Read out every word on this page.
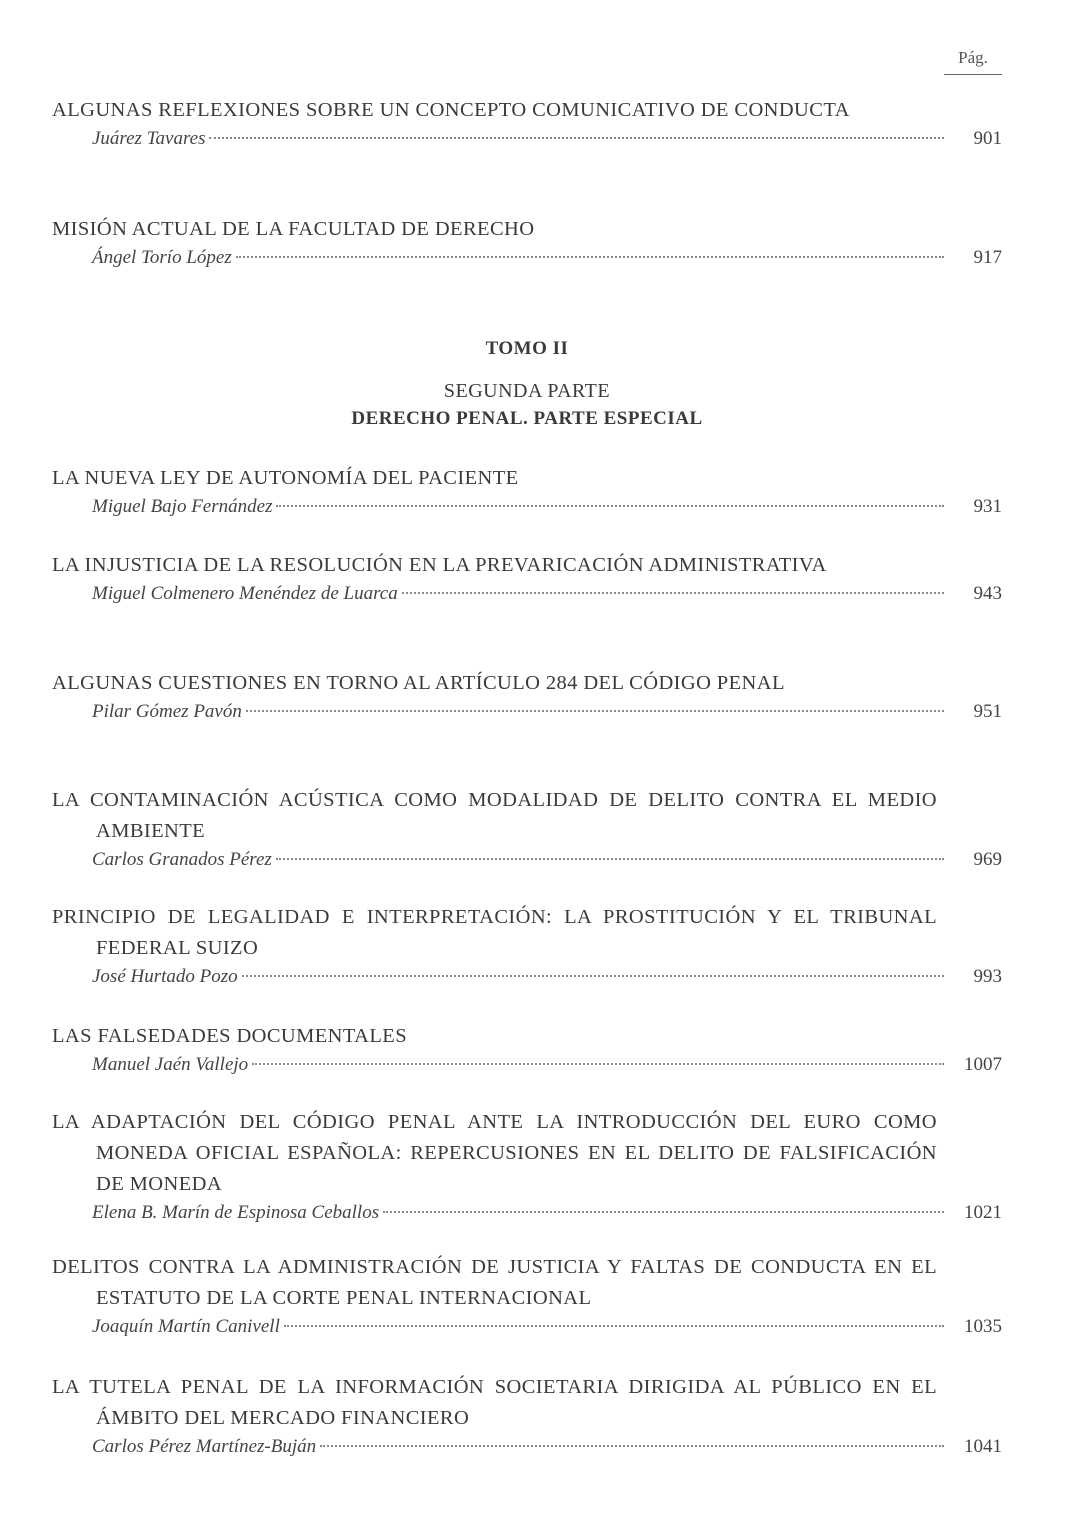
Pág.
ALGUNAS REFLEXIONES SOBRE UN CONCEPTO COMUNICATIVO DE CONDUCTA
Juárez Tavares	901
MISIÓN ACTUAL DE LA FACULTAD DE DERECHO
Ángel Torío López	917
TOMO II
SEGUNDA PARTE
DERECHO PENAL. PARTE ESPECIAL
LA NUEVA LEY DE AUTONOMÍA DEL PACIENTE
Miguel Bajo Fernández	931
LA INJUSTICIA DE LA RESOLUCIÓN EN LA PREVARICACIÓN ADMINISTRATIVA
Miguel Colmenero Menéndez de Luarca	943
ALGUNAS CUESTIONES EN TORNO AL ARTÍCULO 284 DEL CÓDIGO PENAL
Pilar Gómez Pavón	951
LA CONTAMINACIÓN ACÚSTICA COMO MODALIDAD DE DELITO CONTRA EL MEDIO AMBIENTE
Carlos Granados Pérez	969
PRINCIPIO DE LEGALIDAD E INTERPRETACIÓN: LA PROSTITUCIÓN Y EL TRIBUNAL FEDERAL SUIZO
José Hurtado Pozo	993
LAS FALSEDADES DOCUMENTALES
Manuel Jaén Vallejo	1007
LA ADAPTACIÓN DEL CÓDIGO PENAL ANTE LA INTRODUCCIÓN DEL EURO COMO MONEDA OFICIAL ESPAÑOLA: REPERCUSIONES EN EL DELITO DE FALSIFICACIÓN DE MONEDA
Elena B. Marín de Espinosa Ceballos	1021
DELITOS CONTRA LA ADMINISTRACIÓN DE JUSTICIA Y FALTAS DE CONDUCTA EN EL ESTATUTO DE LA CORTE PENAL INTERNACIONAL
Joaquín Martín Canivell	1035
LA TUTELA PENAL DE LA INFORMACIÓN SOCIETARIA DIRIGIDA AL PÚBLICO EN EL ÁMBITO DEL MERCADO FINANCIERO
Carlos Pérez Martínez-Buján	1041
